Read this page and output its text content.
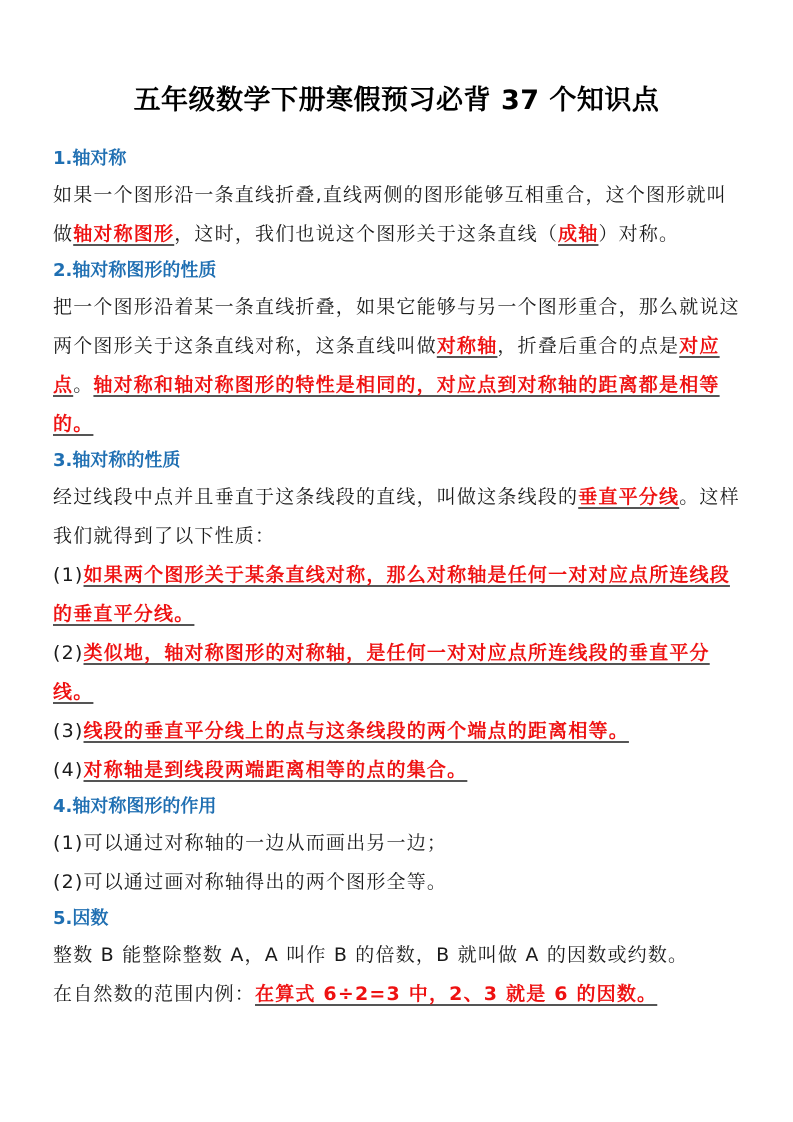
五年级数学下册寒假预习必背 37 个知识点
1.轴对称
如果一个图形沿一条直线折叠,直线两侧的图形能够互相重合，这个图形就叫做轴对称图形，这时，我们也说这个图形关于这条直线（成轴）对称。
2.轴对称图形的性质
把一个图形沿着某一条直线折叠，如果它能够与另一个图形重合，那么就说这两个图形关于这条直线对称，这条直线叫做对称轴，折叠后重合的点是对应点。轴对称和轴对称图形的特性是相同的，对应点到对称轴的距离都是相等的。
3.轴对称的性质
经过线段中点并且垂直于这条线段的直线，叫做这条线段的垂直平分线。这样我们就得到了以下性质：
(1)如果两个图形关于某条直线对称，那么对称轴是任何一对对应点所连线段的垂直平分线。
(2)类似地，轴对称图形的对称轴，是任何一对对应点所连线段的垂直平分线。
(3)线段的垂直平分线上的点与这条线段的两个端点的距离相等。
(4)对称轴是到线段两端距离相等的点的集合。
4.轴对称图形的作用
(1)可以通过对称轴的一边从而画出另一边；
(2)可以通过画对称轴得出的两个图形全等。
5.因数
整数 B 能整除整数 A，A 叫作 B 的倍数，B 就叫做 A 的因数或约数。
在自然数的范围内例：在算式 6÷2=3 中，2、3 就是 6 的因数。
